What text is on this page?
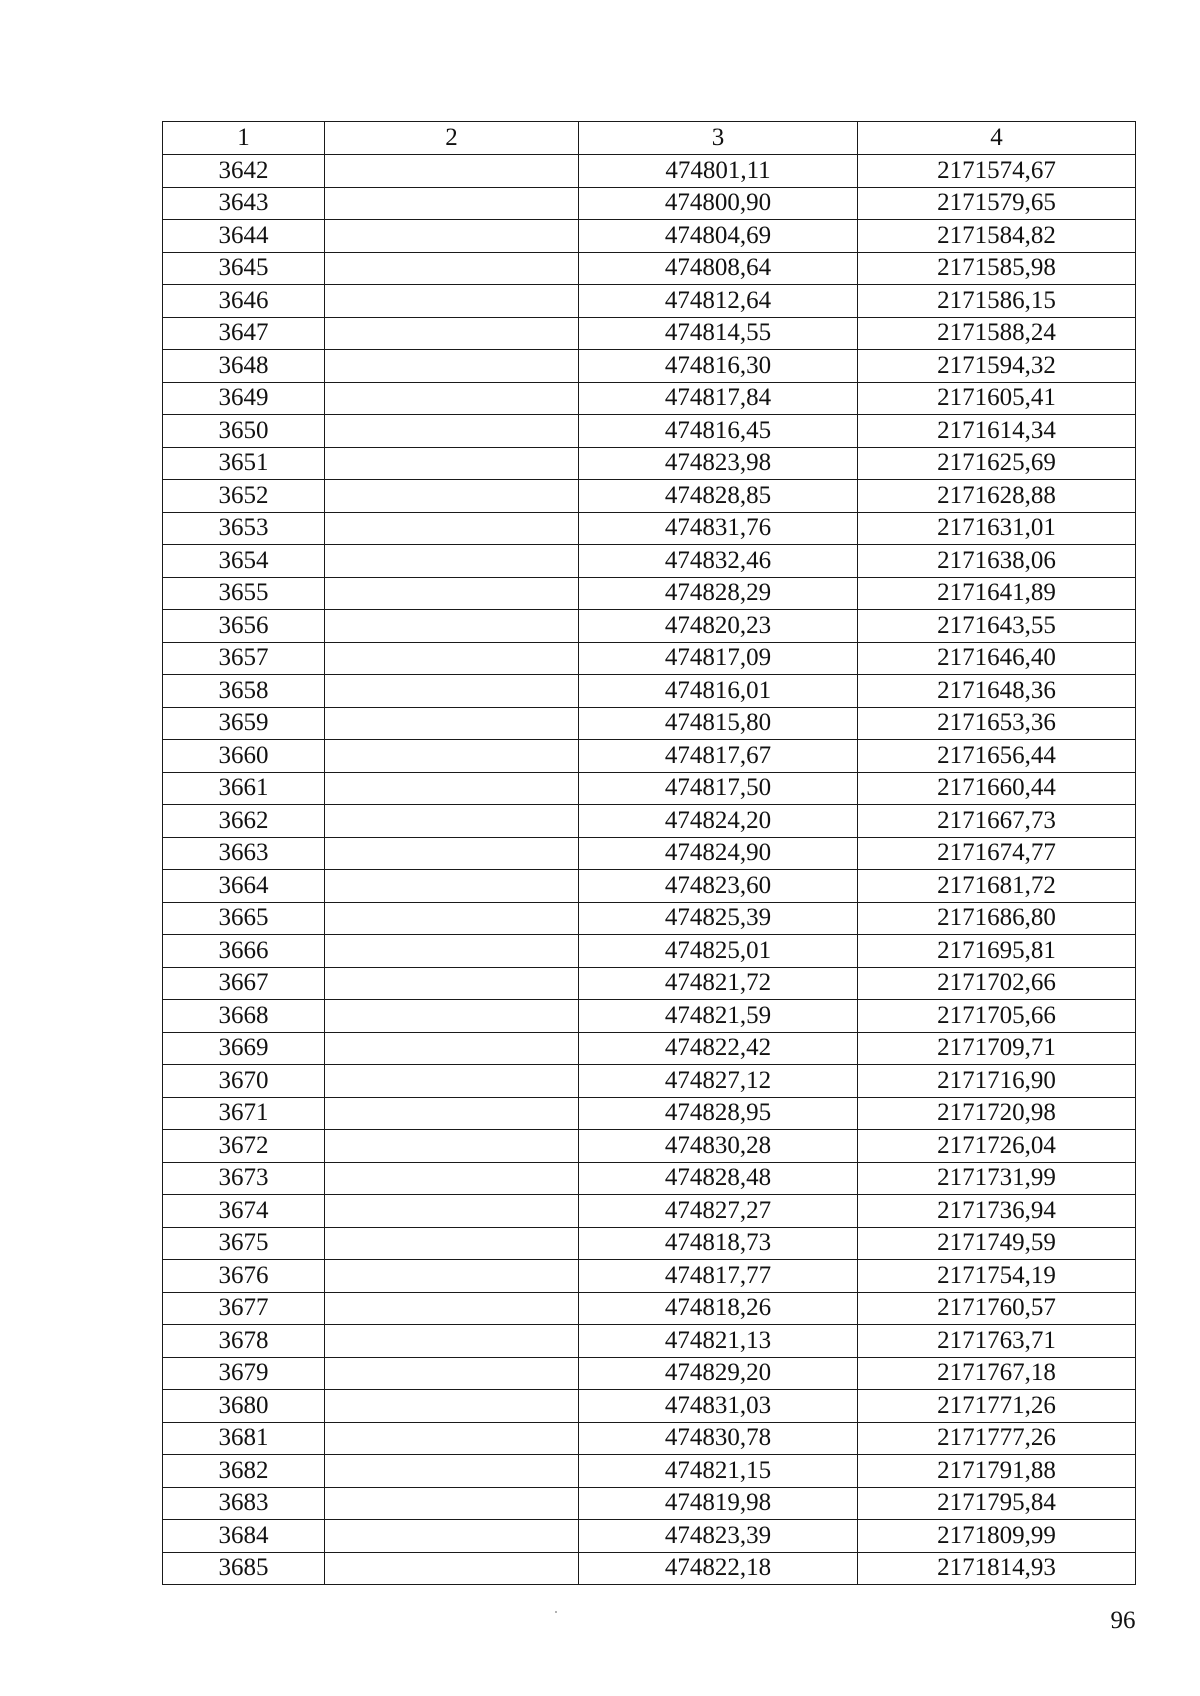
1	2	3	4
3642		474801,11	2171574,67
3643		474800,90	2171579,65
3644		474804,69	2171584,82
3645		474808,64	2171585,98
3646		474812,64	2171586,15
3647		474814,55	2171588,24
3648		474816,30	2171594,32
3649		474817,84	2171605,41
3650		474816,45	2171614,34
3651		474823,98	2171625,69
3652		474828,85	2171628,88
3653		474831,76	2171631,01
3654		474832,46	2171638,06
3655		474828,29	2171641,89
3656		474820,23	2171643,55
3657		474817,09	2171646,40
3658		474816,01	2171648,36
3659		474815,80	2171653,36
3660		474817,67	2171656,44
3661		474817,50	2171660,44
3662		474824,20	2171667,73
3663		474824,90	2171674,77
3664		474823,60	2171681,72
3665		474825,39	2171686,80
3666		474825,01	2171695,81
3667		474821,72	2171702,66
3668		474821,59	2171705,66
3669		474822,42	2171709,71
3670		474827,12	2171716,90
3671		474828,95	2171720,98
3672		474830,28	2171726,04
3673		474828,48	2171731,99
3674		474827,27	2171736,94
3675		474818,73	2171749,59
3676		474817,77	2171754,19
3677		474818,26	2171760,57
3678		474821,13	2171763,71
3679		474829,20	2171767,18
3680		474831,03	2171771,26
3681		474830,78	2171777,26
3682		474821,15	2171791,88
3683		474819,98	2171795,84
3684		474823,39	2171809,99
3685		474822,18	2171814,93
96
